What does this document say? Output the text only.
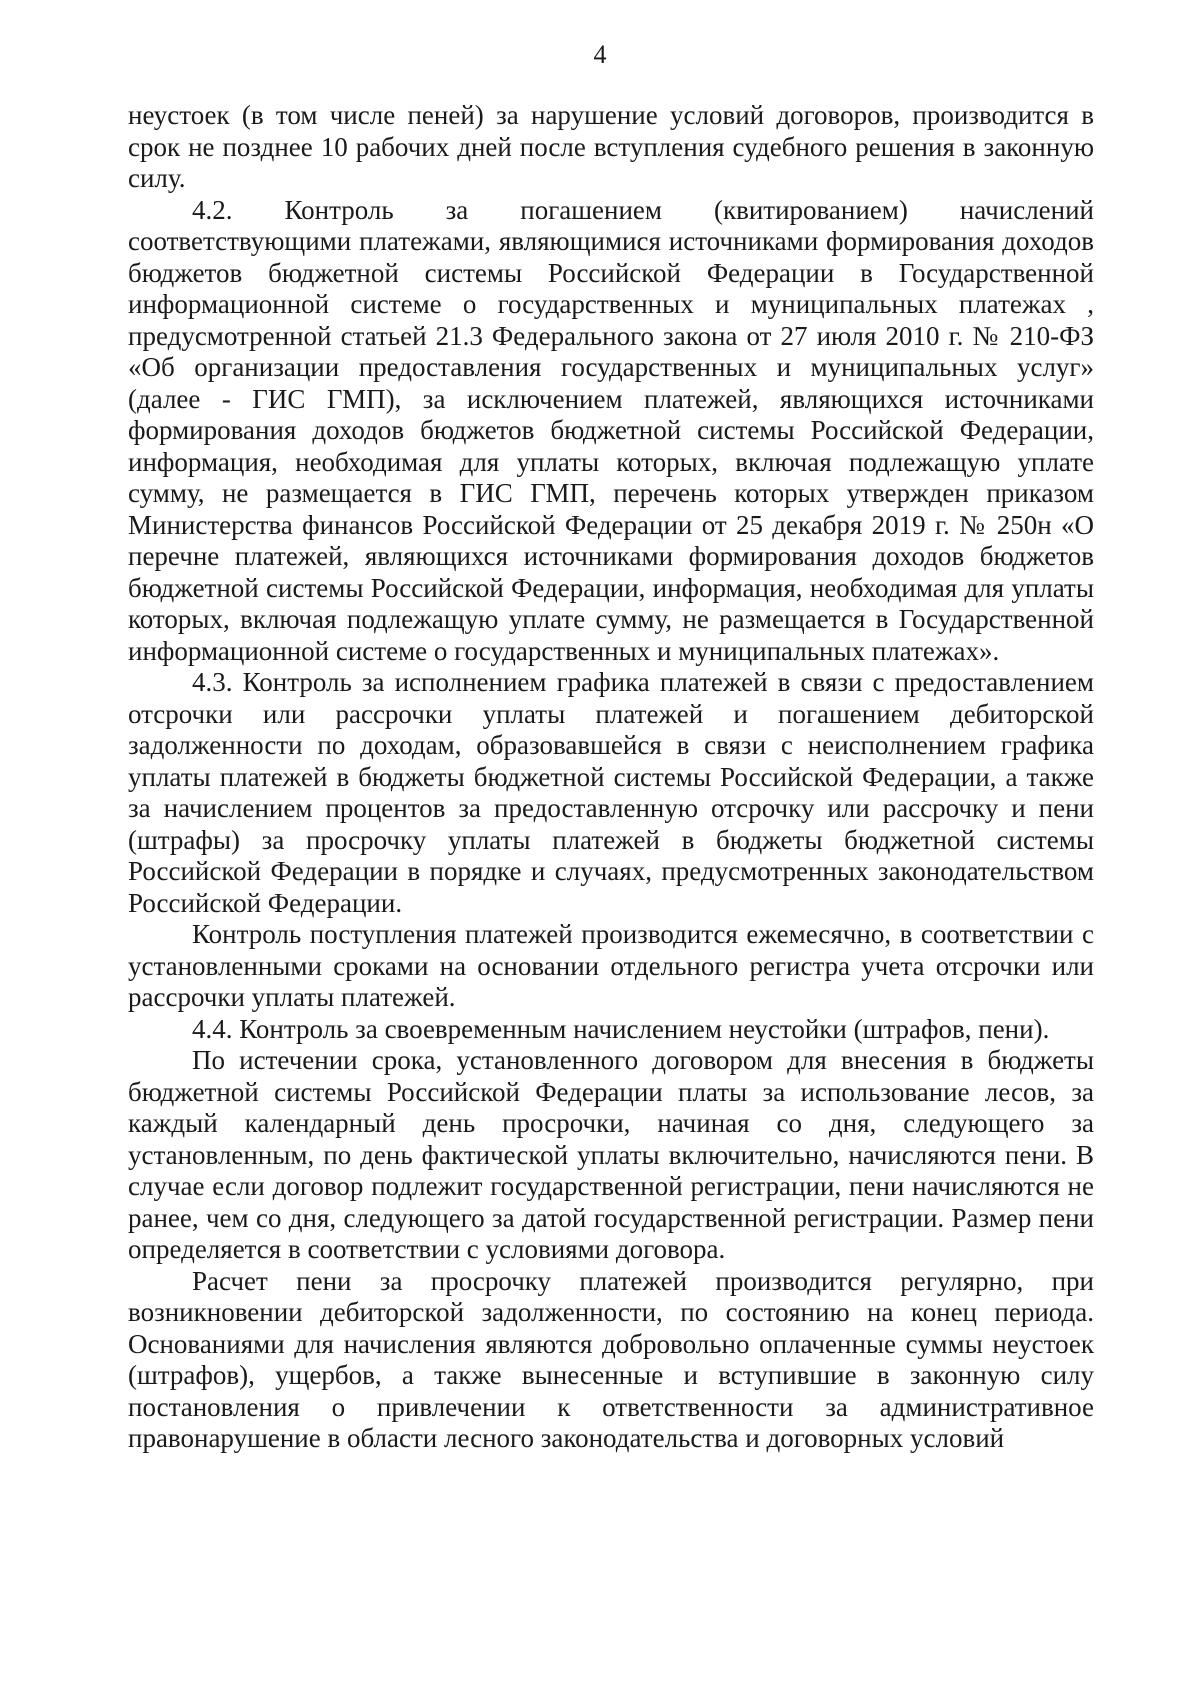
4

неустоек (в том числе пеней) за нарушение условий договоров, производится в срок не позднее 10 рабочих дней после вступления судебного решения в законную силу.

4.2. Контроль за погашением (квитированием) начислений соответствующими платежами, являющимися источниками формирования доходов бюджетов бюджетной системы Российской Федерации в Государственной информационной системе о государственных и муниципальных платежах , предусмотренной статьей 21.3 Федерального закона от 27 июля 2010 г. № 210-ФЗ «Об организации предоставления государственных и муниципальных услуг» (далее - ГИС ГМП), за исключением платежей, являющихся источниками формирования доходов бюджетов бюджетной системы Российской Федерации, информация, необходимая для уплаты которых, включая подлежащую уплате сумму, не размещается в ГИС ГМП, перечень которых утвержден приказом Министерства финансов Российской Федерации от 25 декабря 2019 г. № 250н «О перечне платежей, являющихся источниками формирования доходов бюджетов бюджетной системы Российской Федерации, информация, необходимая для уплаты которых, включая подлежащую уплате сумму, не размещается в Государственной информационной системе о государственных и муниципальных платежах».

4.3. Контроль за исполнением графика платежей в связи с предоставлением отсрочки или рассрочки уплаты платежей и погашением дебиторской задолженности по доходам, образовавшейся в связи с неисполнением графика уплаты платежей в бюджеты бюджетной системы Российской Федерации, а также за начислением процентов за предоставленную отсрочку или рассрочку и пени (штрафы) за просрочку уплаты платежей в бюджеты бюджетной системы Российской Федерации в порядке и случаях, предусмотренных законодательством Российской Федерации.

Контроль поступления платежей производится ежемесячно, в соответствии с установленными сроками на основании отдельного регистра учета отсрочки или рассрочки уплаты платежей.

4.4. Контроль за своевременным начислением неустойки (штрафов, пени).

По истечении срока, установленного договором для внесения в бюджеты бюджетной системы Российской Федерации платы за использование лесов, за каждый календарный день просрочки, начиная со дня, следующего за установленным, по день фактической уплаты включительно, начисляются пени. В случае если договор подлежит государственной регистрации, пени начисляются не ранее, чем со дня, следующего за датой государственной регистрации. Размер пени определяется в соответствии с условиями договора.

Расчет пени за просрочку платежей производится регулярно, при возникновении дебиторской задолженности, по состоянию на конец периода. Основаниями для начисления являются добровольно оплаченные суммы неустоек (штрафов), ущербов, а также вынесенные и вступившие в законную силу постановления о привлечении к ответственности за административное правонарушение в области лесного законодательства и договорных условий
